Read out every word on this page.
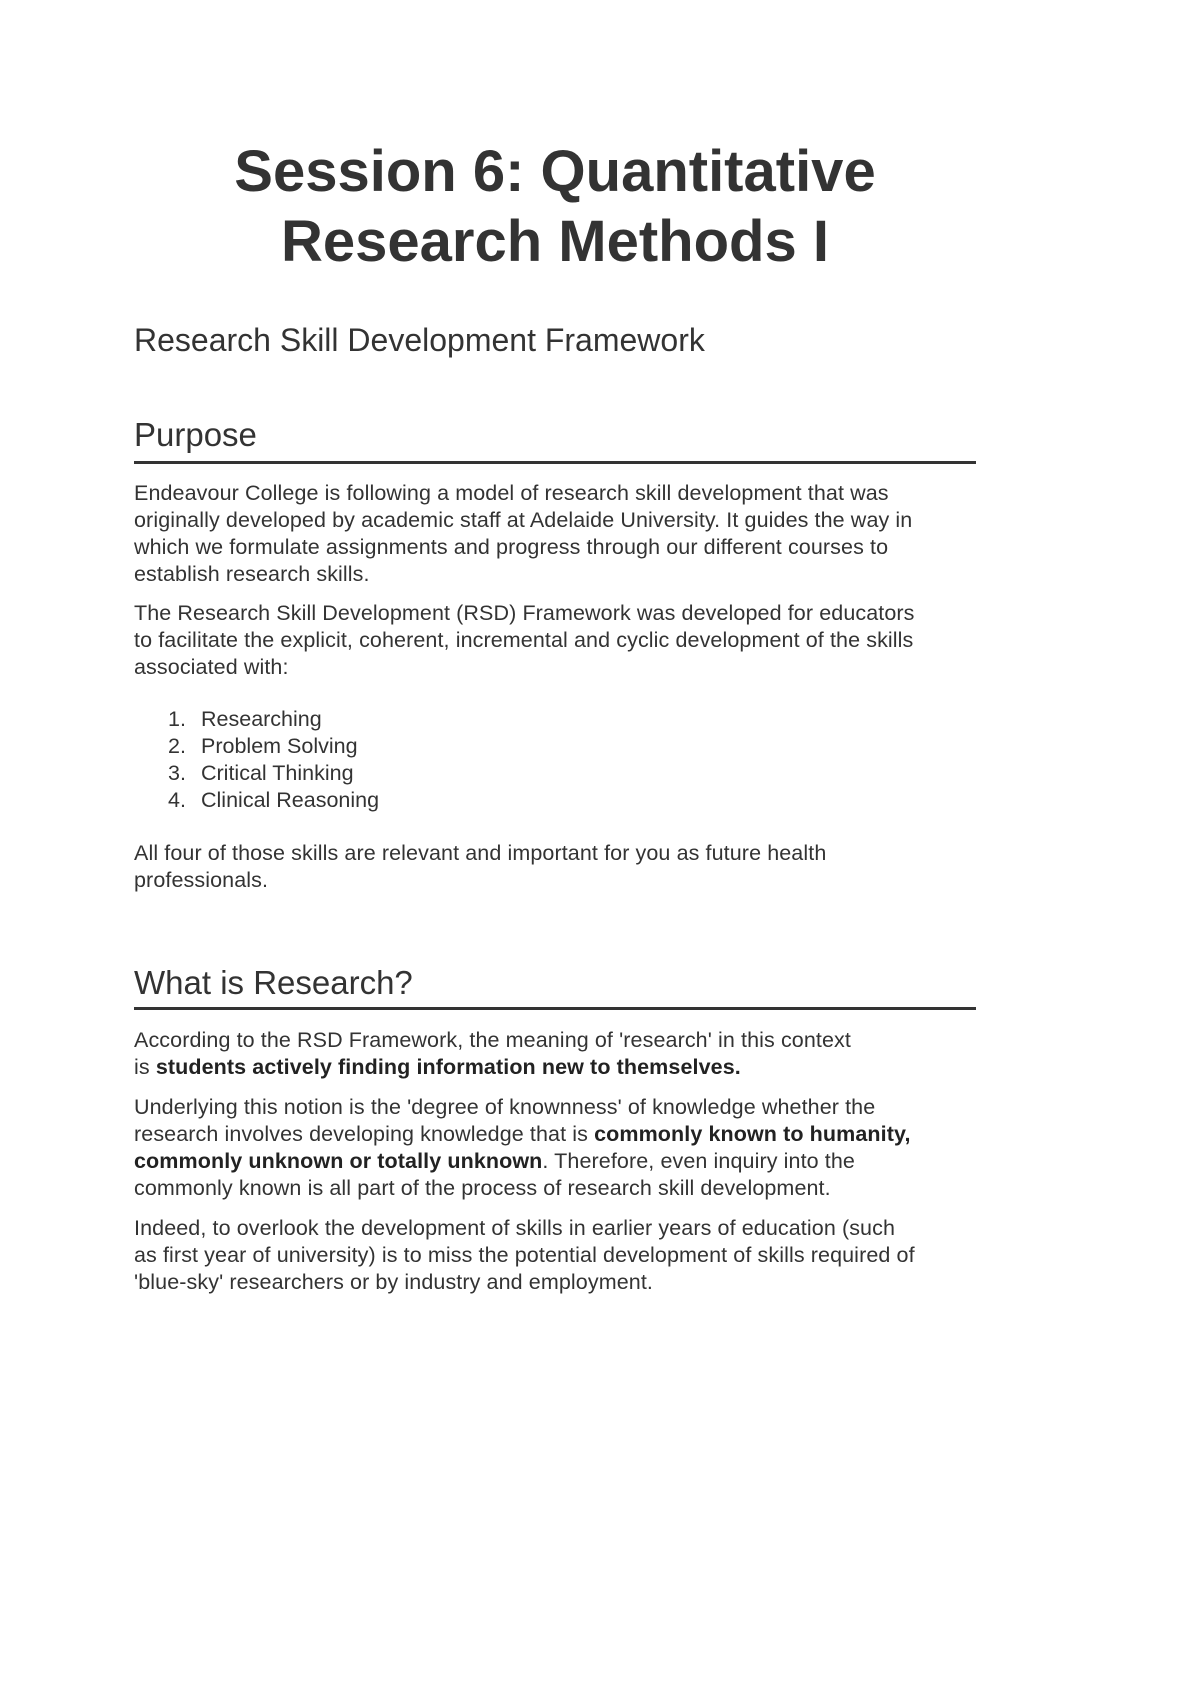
Session 6: Quantitative
Research Methods I
Research Skill Development Framework
Purpose
Endeavour College is following a model of research skill development that was
originally developed by academic staff at Adelaide University. It guides the way in
which we formulate assignments and progress through our different courses to
establish research skills.
The Research Skill Development (RSD) Framework was developed for educators
to facilitate the explicit, coherent, incremental and cyclic development of the skills
associated with:
1. Researching
2. Problem Solving
3. Critical Thinking
4. Clinical Reasoning
All four of those skills are relevant and important for you as future health
professionals.
What is Research?
According to the RSD Framework, the meaning of 'research' in this context
is students actively finding information new to themselves.
Underlying this notion is the 'degree of knownness' of knowledge whether the
research involves developing knowledge that is commonly known to humanity,
commonly unknown or totally unknown. Therefore, even inquiry into the
commonly known is all part of the process of research skill development.
Indeed, to overlook the development of skills in earlier years of education (such
as first year of university) is to miss the potential development of skills required of
'blue-sky' researchers or by industry and employment.
